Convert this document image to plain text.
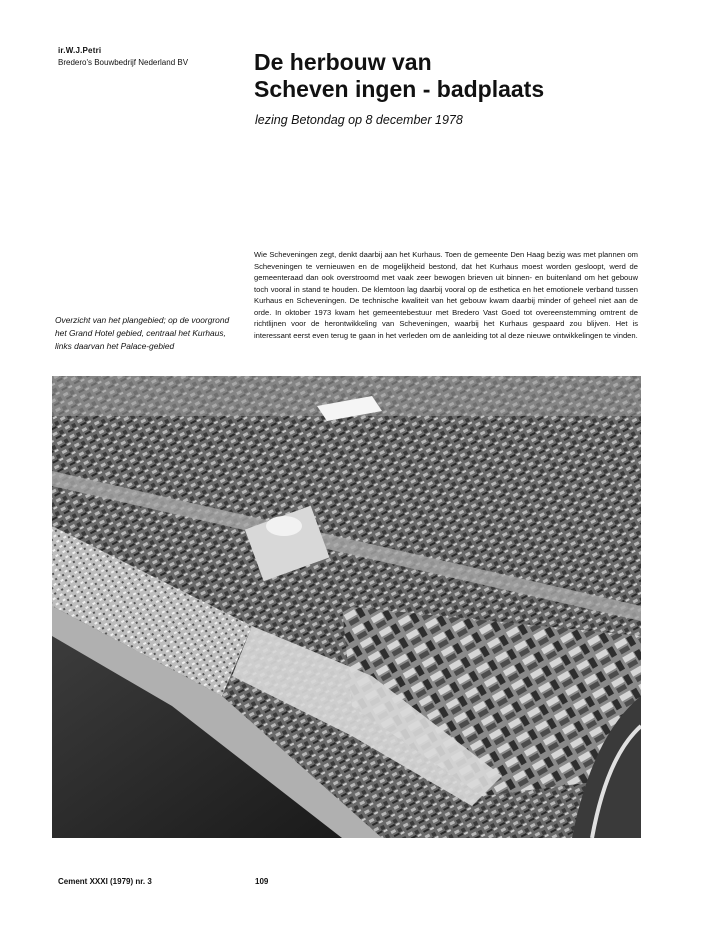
ir.W.J.Petri
Bredero's Bouwbedrijf Nederland BV	De herbouw van
Scheven ingen - badplaats
lezing Betondag op 8 december 1978
Overzicht van het plangebied; op de voorgrond het Grand Hotel gebied, centraal het Kurhaus, links daarvan het Palace-gebied
Wie Scheveningen zegt, denkt daarbij aan het Kurhaus. Toen de gemeente Den Haag bezig was met plannen om Scheveningen te vernieuwen en de mogelijkheid bestond, dat het Kurhaus moest worden gesloopt, werd de gemeenteraad dan ook overstroomd met vaak zeer bewogen brieven uit binnen- en buitenland om het gebouw toch vooral in stand te houden. De klemtoon lag daarbij vooral op de esthetica en het emotionele verband tussen Kurhaus en Scheveningen. De technische kwaliteit van het gebouw kwam daarbij minder of geheel niet aan de orde. In oktober 1973 kwam het gemeentebestuur met Bredero Vast Goed tot overeenstemming omtrent de richtlijnen voor de herontwikkeling van Scheveningen, waarbij het Kurhaus gespaard zou blijven. Het is interessant eerst even terug te gaan in het verleden om de aanleiding tot al deze nieuwe ontwikkelingen te vinden.
Cement XXXI (1979) nr. 3	109
